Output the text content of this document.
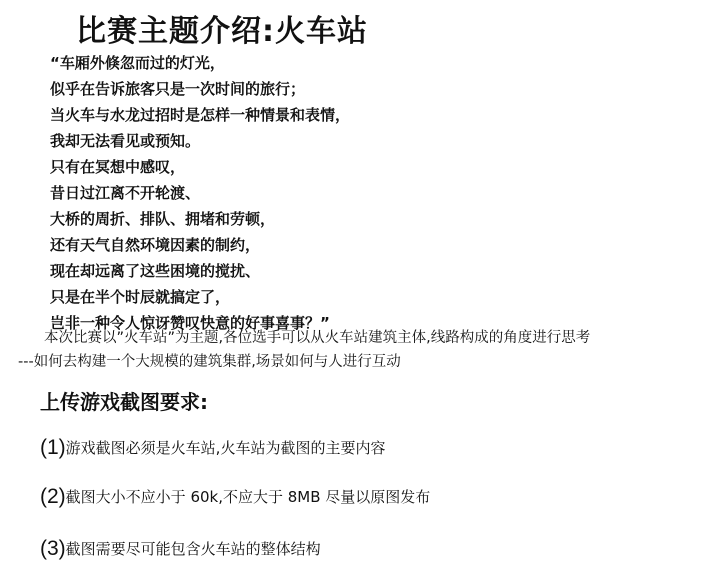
比赛主题介绍:火车站
“车厢外倏忽而过的灯光，
似乎在告诉旅客只是一次时间的旅行；
当火车与水龙过招时是怎样一种情景和表情，
我却无法看见或预知。
只有在冥想中感叹，
昔日过江离不开轮渡、
大桥的周折、排队、拥堵和劳顿，
还有天气自然环境因素的制约，
现在却远离了这些困境的搅扰、
只是在半个时辰就搞定了，
岂非一种令人惊讶赞叹快意的好事喜事？”
本次比赛以”火车站”为主题,各位选手可以从火车站建筑主体,线路构成的角度进行思考
---如何去构建一个大规模的建筑集群,场景如何与人进行互动
上传游戏截图要求:
(1)游戏截图必须是火车站,火车站为截图的主要内容
(2)截图大小不应小于 60k,不应大于 8MB 尽量以原图发布
(3)截图需要尽可能包含火车站的整体结构
